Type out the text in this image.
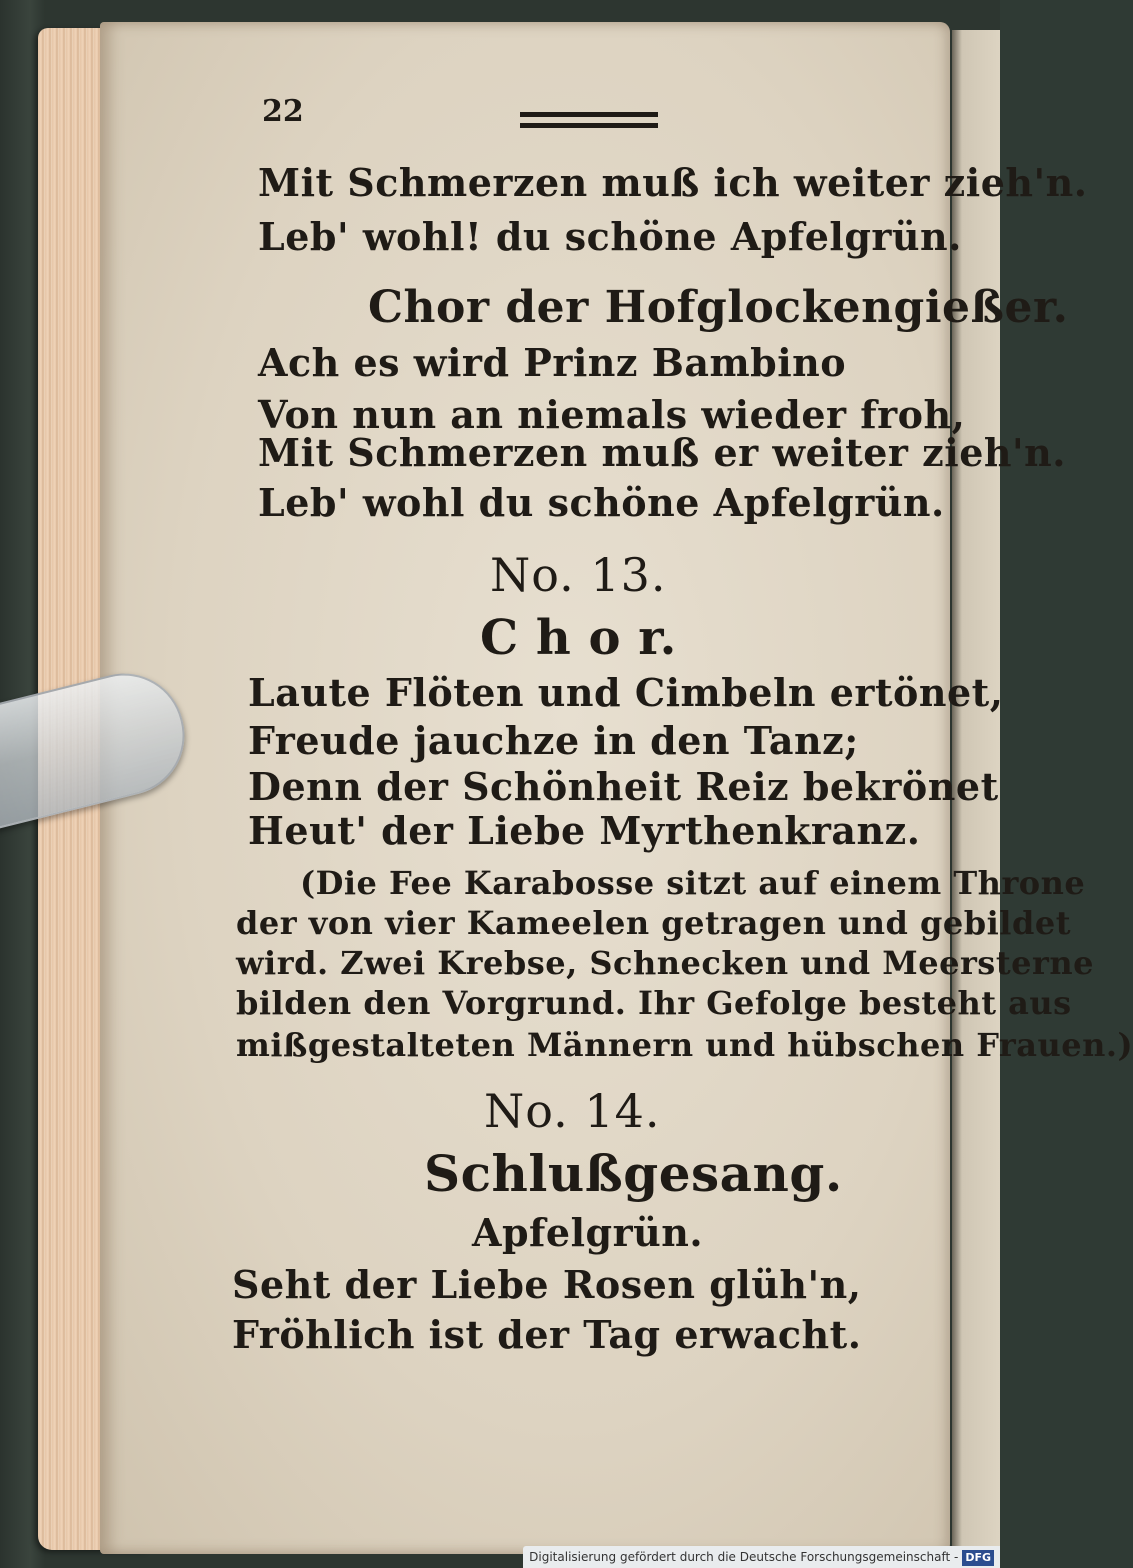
22
Mit Schmerzen muß ich weiter zieh'n.
Leb' wohl! du schöne Apfelgrün.
Chor der Hofglockengießer.
Ach es wird Prinz Bambino
Von nun an niemals wieder froh,
Mit Schmerzen muß er weiter zieh'n.
Leb' wohl du schöne Apfelgrün.
No. 13.
C h o r.
Laute Flöten und Cimbeln ertönet,
Freude jauchze in den Tanz;
Denn der Schönheit Reiz bekrönet
Heut' der Liebe Myrthenkranz.
(Die Fee Karabosse sitzt auf einem Throne
der von vier Kameelen getragen und gebildet
wird. Zwei Krebse, Schnecken und Meersterne
bilden den Vorgrund. Ihr Gefolge besteht aus
mißgestalteten Männern und hübschen Frauen.)
No. 14.
Schlußgesang.
Apfelgrün.
Seht der Liebe Rosen glüh'n,
Fröhlich ist der Tag erwacht.
Digitalisierung gefördert durch die Deutsche Forschungsgemeinschaft - DFG
